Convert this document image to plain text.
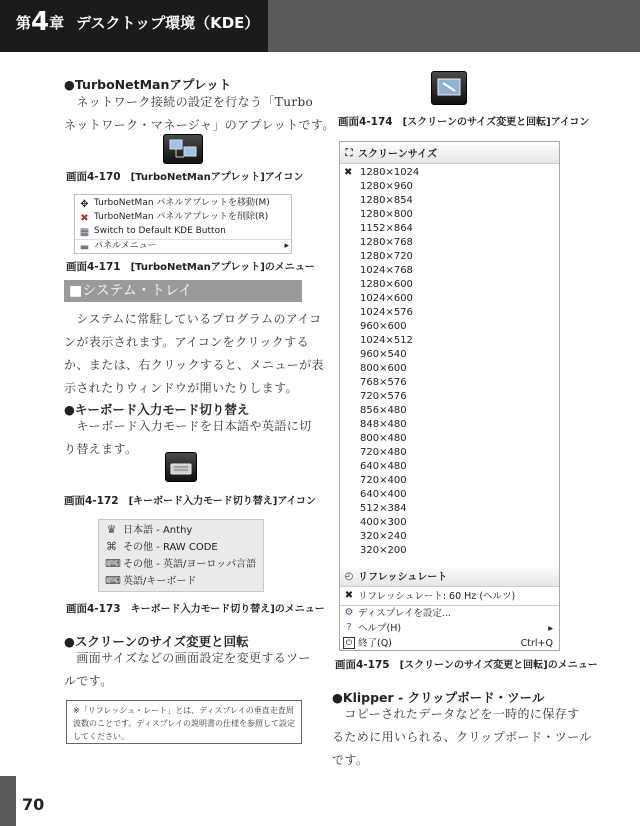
第4章 デスクトップ環境（KDE）
●TurboNetManアプレット
　ネットワーク接続の設定を行なう「Turbo
ネットワーク・マネージャ」のアプレットです。
画面4-170　 [TurboNetManアプレット]アイコン
✥ TurboNetMan パネルアプレットを移動(M)
✖ TurboNetMan パネルアプレットを削除(R)
▦ Switch to Default KDE Button
▬ パネルメニュー	▸
画面4-171　 [TurboNetManアプレット]のメニュー
■システム・トレイ
　システムに常駐しているプログラムのアイコ
ンが表示されます。アイコンをクリックする
か、または、右クリックすると、メニューが表
示されたりウィンドウが開いたりします。
●キーボード入力モード切り替え
　キーボード入力モードを日本語や英語に切
り替えます。
画面4-172　 [キーボード入力モード切り替え]アイコン
♛ 日本語 - Anthy
⌘ その他 - RAW CODE
⌨ その他 - 英語/ヨーロッパ言語
⌨ 英語/キーボード
画面4-173　 キーボード入力モード切り替え]のメニュー
●スクリーンのサイズ変更と回転
　画面サイズなどの画面設定を変更するツー
ルです。
※「リフレッシュ・レート」とは、ディスプレイの垂直走査周波数のことです。ディスプレイの説明書の仕様を参照して設定してください。
70
画面4-174　 [スクリーンのサイズ変更と回転]アイコン
⛶ スクリーンサイズ
1280×1024
1280×960
1280×854
1280×800
1152×864
1280×768
1280×720
1024×768
1280×600
1024×600
1024×576
960×600
1024×512
960×540
800×600
768×576
720×576
856×480
848×480
800×480
720×480
640×480
720×400
640×400
512×384
400×300
320×240
320×200
✖
◴ リフレッシュレート
✖ リフレッシュレート: 60 Hz (ヘルツ)
⚙ ディスプレイを設定...
? ヘルプ(H)	▸
⏻ 終了(Q)	Ctrl+Q
画面4-175　 [スクリーンのサイズ変更と回転]のメニュー
●Klipper - クリップボード・ツール
　コピーされたデータなどを一時的に保存す
るために用いられる、クリップボード・ツール
です。
